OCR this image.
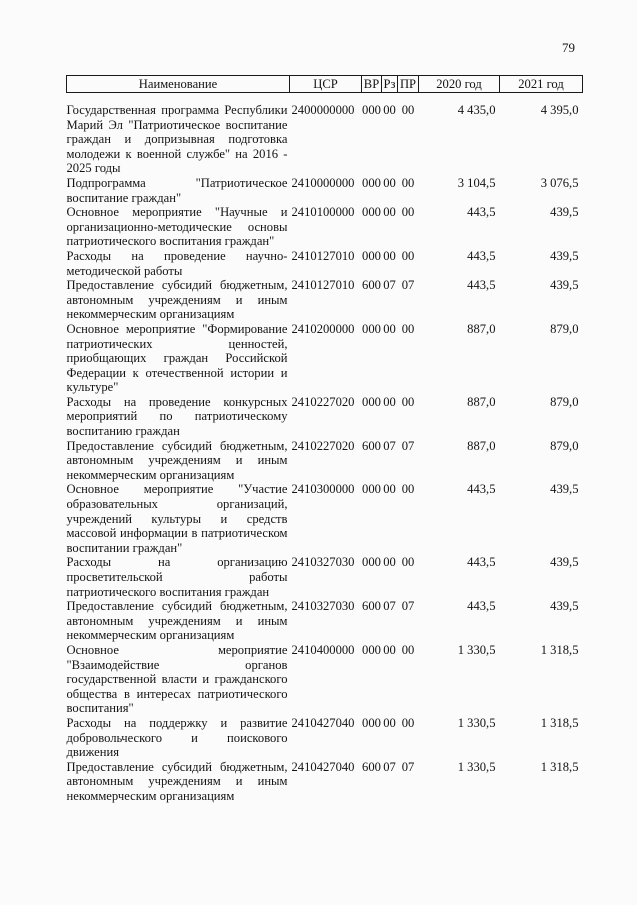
79
Наименование	ЦСР	ВР	Рз	ПР	2020 год	2021 год

Государственная программа Республики Марий Эл "Патриотическое воспитание граждан и допризывная подготовка молодежи к военной службе" на 2016 - 2025 годы	2400000000	000	00	00	4 435,0	4 395,0
Подпрограмма "Патриотическое воспитание граждан"	2410000000	000	00	00	3 104,5	3 076,5
Основное мероприятие "Научные и организационно-методические основы патриотического воспитания граждан"	2410100000	000	00	00	443,5	439,5
Расходы на проведение научно-методической работы	2410127010	000	00	00	443,5	439,5
Предоставление субсидий бюджетным, автономным учреждениям и иным некоммерческим организациям	2410127010	600	07	07	443,5	439,5
Основное мероприятие "Формирование патриотических ценностей, приобщающих граждан Российской Федерации к отечественной истории и культуре"	2410200000	000	00	00	887,0	879,0
Расходы на проведение конкурсных мероприятий по патриотическому воспитанию граждан	2410227020	000	00	00	887,0	879,0
Предоставление субсидий бюджетным, автономным учреждениям и иным некоммерческим организациям	2410227020	600	07	07	887,0	879,0
Основное мероприятие "Участие образовательных организаций, учреждений культуры и средств массовой информации в патриотическом воспитании граждан"	2410300000	000	00	00	443,5	439,5
Расходы на организацию просветительской работы патриотического воспитания граждан	2410327030	000	00	00	443,5	439,5
Предоставление субсидий бюджетным, автономным учреждениям и иным некоммерческим организациям	2410327030	600	07	07	443,5	439,5
Основное мероприятие "Взаимодействие органов государственной власти и гражданского общества в интересах патриотического воспитания"	2410400000	000	00	00	1 330,5	1 318,5
Расходы на поддержку и развитие добровольческого и поискового движения	2410427040	000	00	00	1 330,5	1 318,5
Предоставление субсидий бюджетным, автономным учреждениям и иным некоммерческим организациям	2410427040	600	07	07	1 330,5	1 318,5
